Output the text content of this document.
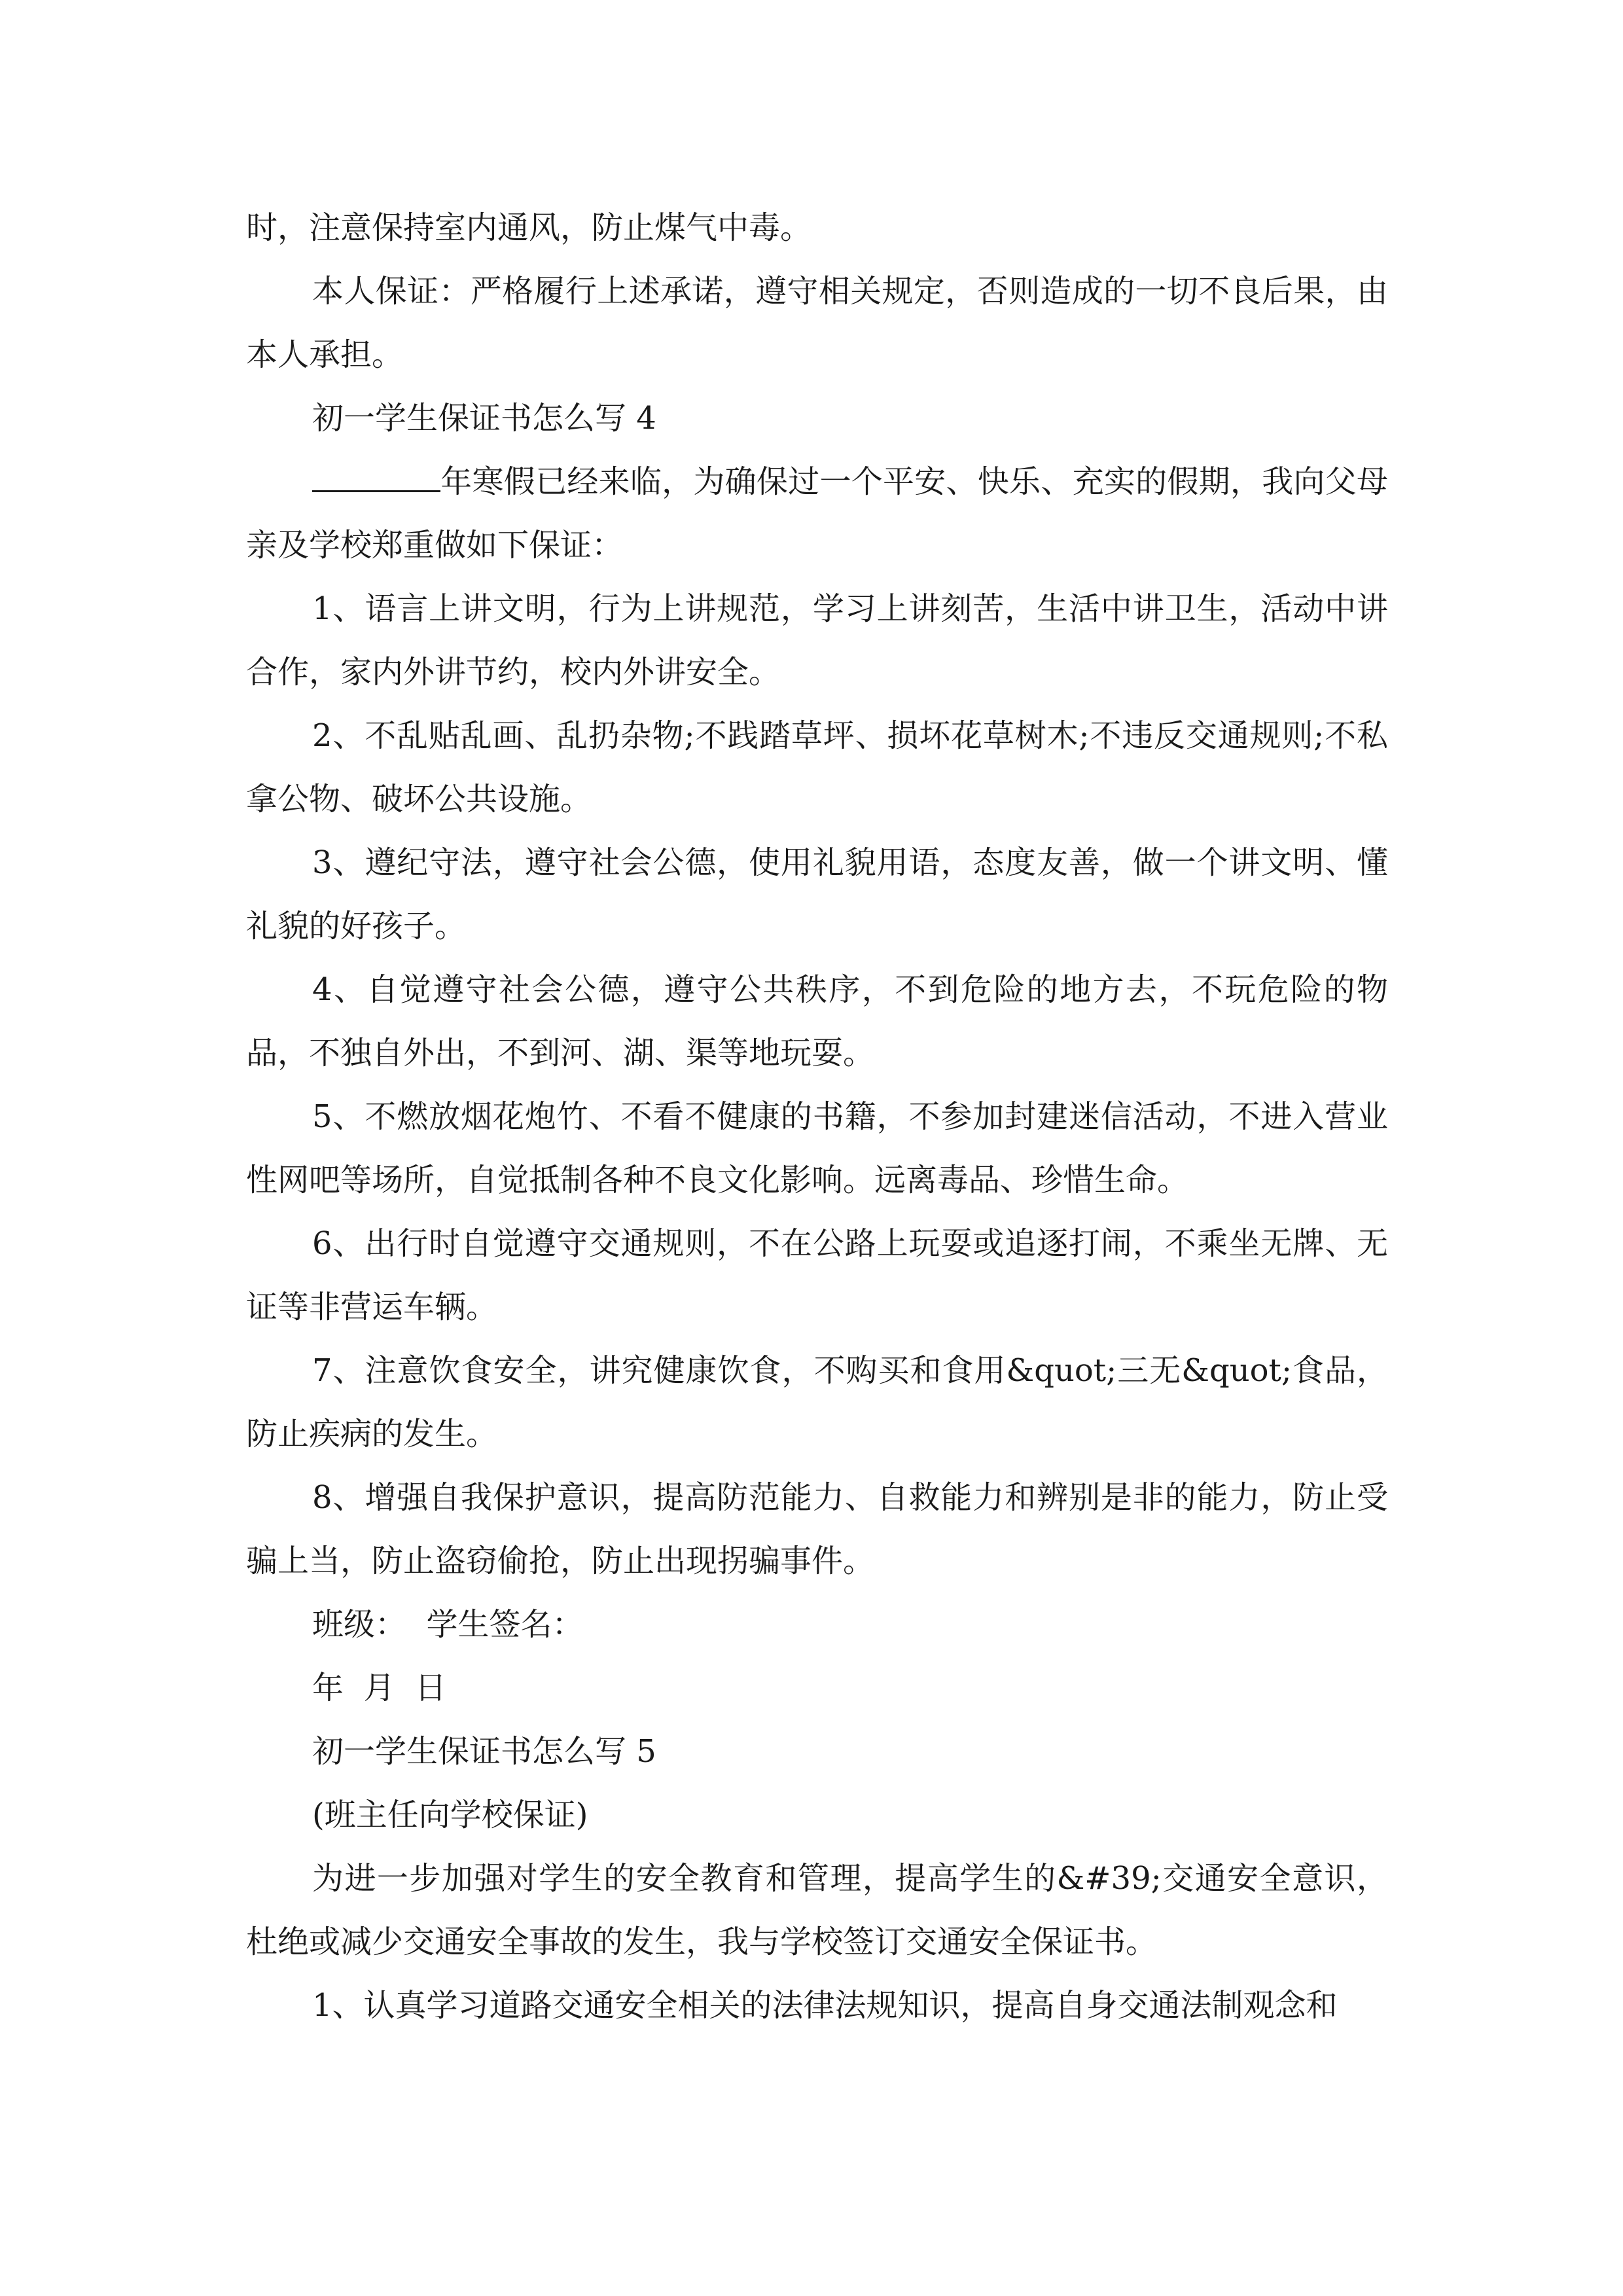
时，注意保持室内通风，防止煤气中毒。

本人保证：严格履行上述承诺，遵守相关规定，否则造成的一切不良后果，由本人承担。

初一学生保证书怎么写 4

年寒假已经来临，为确保过一个平安、快乐、充实的假期，我向父母亲及学校郑重做如下保证：

1、语言上讲文明，行为上讲规范，学习上讲刻苦，生活中讲卫生，活动中讲合作，家内外讲节约，校内外讲安全。

2、不乱贴乱画、乱扔杂物;不践踏草坪、损坏花草树木;不违反交通规则;不私拿公物、破坏公共设施。

3、遵纪守法，遵守社会公德，使用礼貌用语，态度友善，做一个讲文明、懂礼貌的好孩子。

4、自觉遵守社会公德，遵守公共秩序，不到危险的地方去，不玩危险的物品，不独自外出，不到河、湖、渠等地玩耍。

5、不燃放烟花炮竹、不看不健康的书籍，不参加封建迷信活动，不进入营业性网吧等场所，自觉抵制各种不良文化影响。远离毒品、珍惜生命。

6、出行时自觉遵守交通规则，不在公路上玩耍或追逐打闹，不乘坐无牌、无证等非营运车辆。

7、注意饮食安全，讲究健康饮食，不购买和食用&quot;三无&quot;食品，防止疾病的发生。

8、增强自我保护意识，提高防范能力、自救能力和辨别是非的能力，防止受骗上当，防止盗窃偷抢，防止出现拐骗事件。

班级：  学生签名：

年  月  日

初一学生保证书怎么写 5

(班主任向学校保证)

为进一步加强对学生的安全教育和管理，提高学生的&#39;交通安全意识，杜绝或减少交通安全事故的发生，我与学校签订交通安全保证书。

1、认真学习道路交通安全相关的法律法规知识，提高自身交通法制观念和
